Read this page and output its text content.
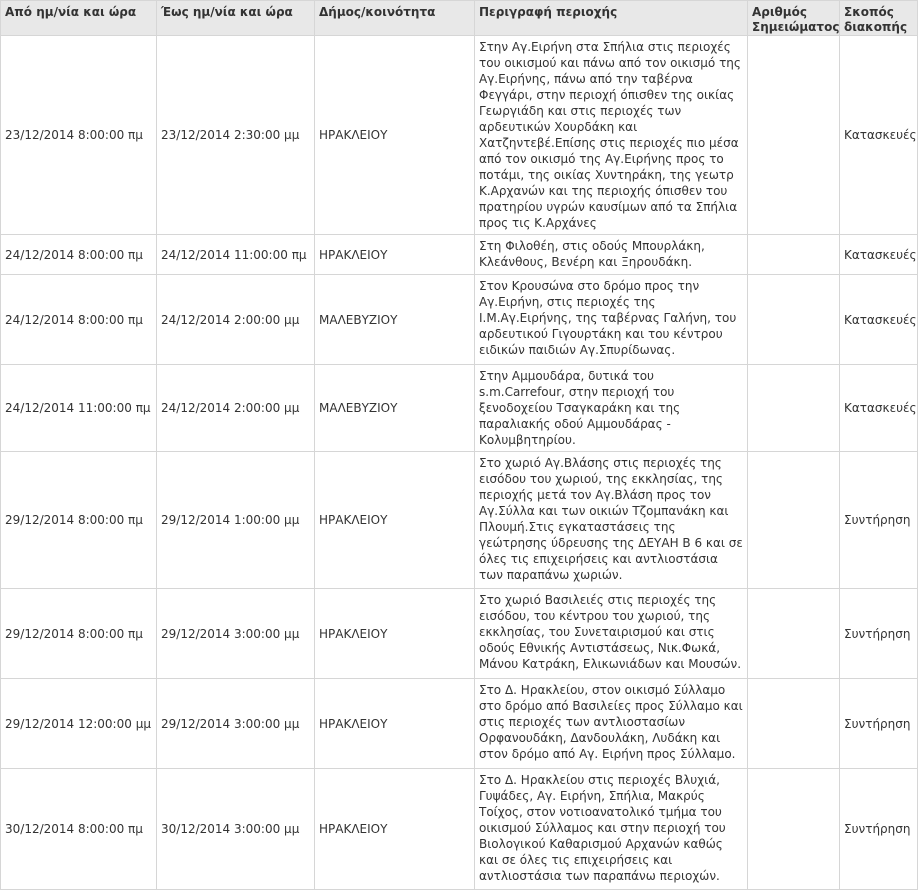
Από ημ/νία και ώρα	Έως ημ/νία και ώρα	Δήμος/κοινότητα	Περιγραφή περιοχής	Αριθμός Σημειώματος	Σκοπός διακοπής
23/12/2014 8:00:00 πμ	23/12/2014 2:30:00 μμ	ΗΡΑΚΛΕΙΟΥ	Στην Αγ.Ειρήνη στα Σπήλια στις περιοχές του οικισμού και πάνω από τον οικισμό της Αγ.Ειρήνης, πάνω από την ταβέρνα Φεγγάρι, στην περιοχή όπισθεν της οικίας Γεωργιάδη και στις περιοχές των αρδευτικών Χουρδάκη και Χατζηντεβέ.Επίσης στις περιοχές πιο μέσα από τον οικισμό της Αγ.Ειρήνης προς το ποτάμι, της οικίας Χυντηράκη, της γεωτρ Κ.Αρχανών και της περιοχής όπισθεν του πρατηρίου υγρών καυσίμων από τα Σπήλια προς τις Κ.Αρχάνες		Κατασκευές
24/12/2014 8:00:00 πμ	24/12/2014 11:00:00 πμ	ΗΡΑΚΛΕΙΟΥ	Στη Φιλοθέη, στις οδούς Μπουρλάκη, Κλεάνθους, Βενέρη και Ξηρουδάκη.		Κατασκευές
24/12/2014 8:00:00 πμ	24/12/2014 2:00:00 μμ	ΜΑΛΕΒΥΖΙΟΥ	Στον Κρουσώνα στο δρόμο προς την Αγ.Ειρήνη, στις περιοχές της Ι.Μ.Αγ.Ειρήνης, της ταβέρνας Γαλήνη, του αρδευτικού Γιγουρτάκη και του κέντρου ειδικών παιδιών Αγ.Σπυρίδωνας.		Κατασκευές
24/12/2014 11:00:00 πμ	24/12/2014 2:00:00 μμ	ΜΑΛΕΒΥΖΙΟΥ	Στην Αμμουδάρα, δυτικά του s.m.Carrefour, στην περιοχή του ξενοδοχείου Τσαγκαράκη και της παραλιακής οδού Αμμουδάρας - Κολυμβητηρίου.		Κατασκευές
29/12/2014 8:00:00 πμ	29/12/2014 1:00:00 μμ	ΗΡΑΚΛΕΙΟΥ	Στο χωριό Αγ.Βλάσης στις περιοχές της εισόδου του χωριού, της εκκλησίας, της περιοχής μετά τον Αγ.Βλάση προς τον Αγ.Σύλλα και των οικιών Τζομπανάκη και Πλουμή.Στις εγκαταστάσεις της γεώτρησης ύδρευσης της ΔΕΥΑΗ Β 6 και σε όλες τις επιχειρήσεις και αντλιοστάσια των παραπάνω χωριών.		Συντήρηση
29/12/2014 8:00:00 πμ	29/12/2014 3:00:00 μμ	ΗΡΑΚΛΕΙΟΥ	Στο χωριό Βασιλειές στις περιοχές της εισόδου, του κέντρου του χωριού, της εκκλησίας, του Συνεταιρισμού και στις οδούς Εθνικής Αντιστάσεως, Νικ.Φωκά, Μάνου Κατράκη, Ελικωνιάδων και Μουσών.		Συντήρηση
29/12/2014 12:00:00 μμ	29/12/2014 3:00:00 μμ	ΗΡΑΚΛΕΙΟΥ	Στο Δ. Ηρακλείου, στον οικισμό Σύλλαμο στο δρόμο από Βασιλείες προς Σύλλαμο και στις περιοχές των αντλιοστασίων Ορφανουδάκη, Δανδουλάκη, Λυδάκη και στον δρόμο από Αγ. Ειρήνη προς Σύλλαμο.		Συντήρηση
30/12/2014 8:00:00 πμ	30/12/2014 3:00:00 μμ	ΗΡΑΚΛΕΙΟΥ	Στο Δ. Ηρακλείου στις περιοχές Βλυχιά, Γυψάδες, Αγ. Ειρήνη, Σπήλια, Μακρύς Τοίχος, στον νοτιοανατολικό τμήμα του οικισμού Σύλλαμος και στην περιοχή του Βιολογικού Καθαρισμού Αρχανών καθώς και σε όλες τις επιχειρήσεις και αντλιοστάσια των παραπάνω περιοχών.		Συντήρηση
